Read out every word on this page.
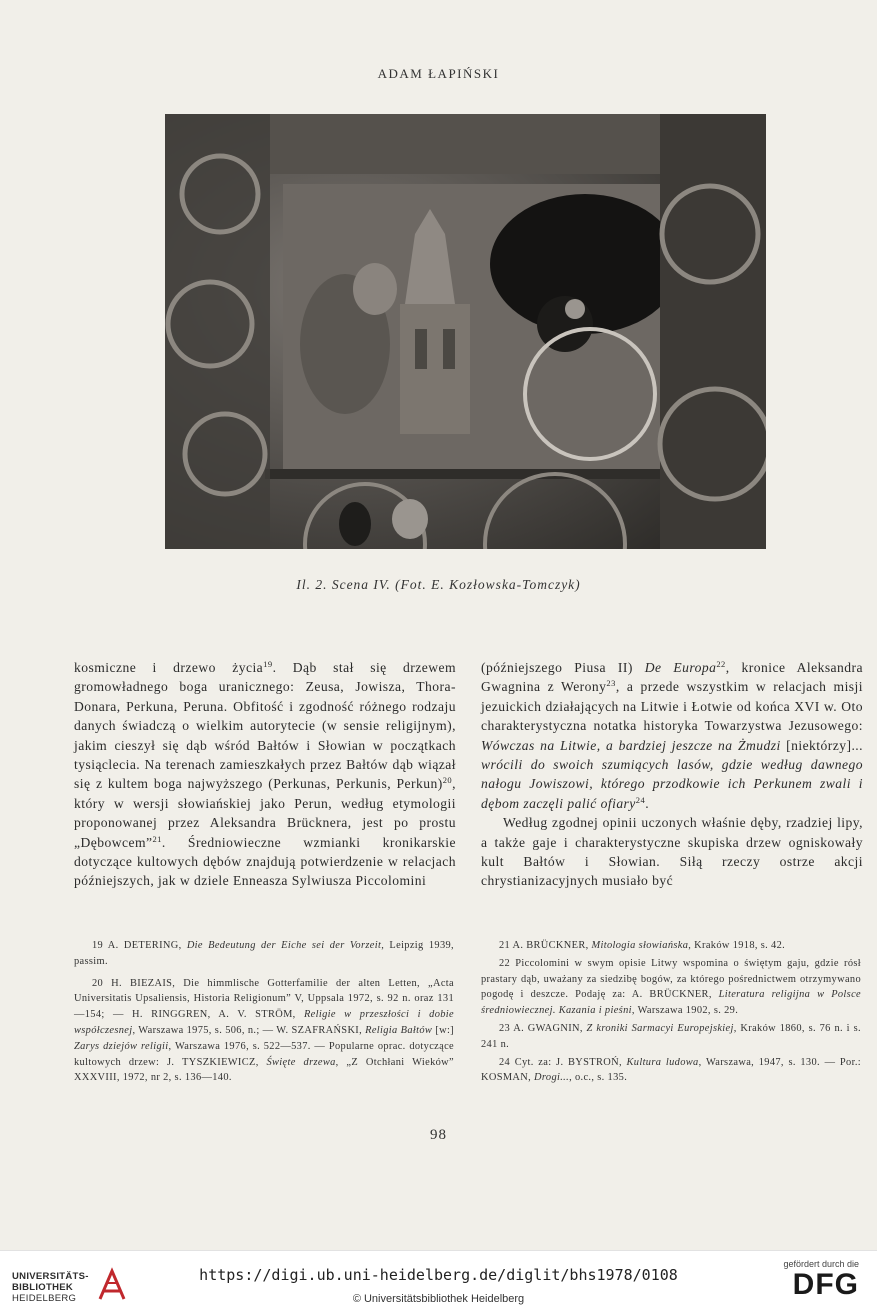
ADAM ŁAPIŃSKI
Il. 2. Scena IV. (Fot. E. Kozłowska-Tomczyk)

kosmiczne i drzewo życia$^{19}$. Dąb stał się drzewem gromowładnego boga uranicznego: Zeusa, Jowisza, Thora-Donara, Perkuna, Peruna. Obfitość i zgodność różnego rodzaju danych świadczą o wielkim autorytecie (w sensie religijnym), jakim cieszył się dąb wśród Bałtów i Słowian w początkach tysiąclecia. Na terenach zamieszkałych przez Bałtów dąb wiązał się z kultem boga najwyższego (Perkunas, Perkunis, Perkun)$^{20}$, który w wersji słowiańskiej jako Perun, według etymologii proponowanej przez Aleksandra Brücknera, jest po prostu „Dębowcem”$^{21}$. Średniowieczne wzmianki kronikarskie dotyczące kultowych dębów znajdują potwierdzenie w relacjach późniejszych, jak w dziele Enneasza Sylwiusza Piccolomini

(późniejszego Piusa II) De Europa$^{22}$, kronice Aleksandra Gwagnina z Werony$^{23}$, a przede wszystkim w relacjach misji jezuickich działających na Litwie i Łotwie od końca XVI w. Oto charakterystyczna notatka historyka Towarzystwa Jezusowego: Wówczas na Litwie, a bardziej jeszcze na Żmudzi [niektórzy]... wrócili do swoich szumiących lasów, gdzie według dawnego nałogu Jowiszowi, którego przodkowie ich Perkunem zwali i dębom zaczęli palić ofiary$^{24}$.

Według zgodnej opinii uczonych właśnie dęby, rzadziej lipy, a także gaje i charakterystyczne skupiska drzew ogniskowały kult Bałtów i Słowian. Siłą rzeczy ostrze akcji chrystianizacyjnych musiało być

19 A. DETERING, Die Bedeutung der Eiche sei der Vorzeit, Leipzig 1939, passim.

20 H. BIEZAIS, Die himmlische Gotterfamilie der alten Letten, „Acta Universitatis Upsaliensis, Historia Religionum” V, Uppsala 1972, s. 92 n. oraz 131—154; — H. RINGGREN, A. V. STRÖM, Religie w przeszłości i dobie współczesnej, Warszawa 1975, s. 506, n.; — W. SZAFRAŃSKI, Religia Bałtów [w:] Zarys dziejów religii, Warszawa 1976, s. 522—537. — Popularne oprac. dotyczące kultowych drzew: J. TYSZKIEWICZ, Święte drzewa, „Z Otchłani Wieków” XXXVIII, 1972, nr 2, s. 136—140.

21 A. BRÜCKNER, Mitologia słowiańska, Kraków 1918, s. 42.

22 Piccolomini w swym opisie Litwy wspomina o świętym gaju, gdzie rósł prastary dąb, uważany za siedzibę bogów, za którego pośrednictwem otrzymywano pogodę i deszcze. Podaję za: A. BRÜCKNER, Literatura religijna w Polsce średniowiecznej. Kazania i pieśni, Warszawa 1902, s. 29.

23 A. GWAGNIN, Z kroniki Sarmacyi Europejskiej, Kraków 1860, s. 76 n. i s. 241 n.

24 Cyt. za: J. BYSTROŃ, Kultura ludowa, Warszawa, 1947, s. 130. — Por.: KOSMAN, Drogi..., o.c., s. 135.

98
UNIVERSITÄTS-
BIBLIOTHEK
HEIDELBERG
https://digi.ub.uni-heidelberg.de/diglit/bhs1978/0108
© Universitätsbibliothek Heidelberg
gefördert durch die
DFG
